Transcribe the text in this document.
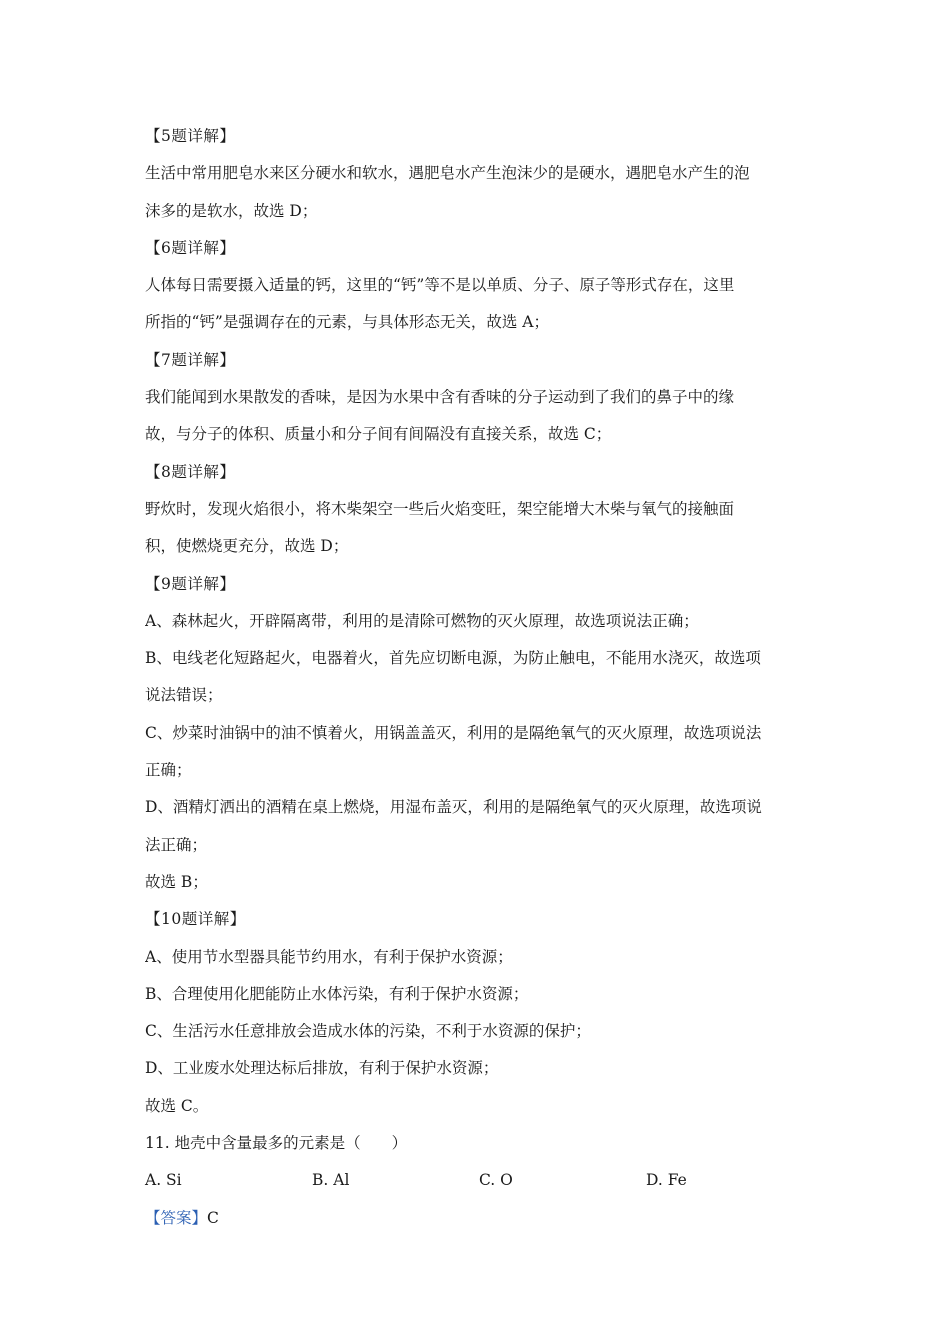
【5题详解】
生活中常用肥皂水来区分硬水和软水，遇肥皂水产生泡沫少的是硬水，遇肥皂水产生的泡
沫多的是软水，故选 D；
【6题详解】
人体每日需要摄入适量的钙，这里的“钙”等不是以单质、分子、原子等形式存在，这里
所指的“钙”是强调存在的元素，与具体形态无关，故选 A；
【7题详解】
我们能闻到水果散发的香味，是因为水果中含有香味的分子运动到了我们的鼻子中的缘
故，与分子的体积、质量小和分子间有间隔没有直接关系，故选 C；
【8题详解】
野炊时，发现火焰很小，将木柴架空一些后火焰变旺，架空能增大木柴与氧气的接触面
积，使燃烧更充分，故选 D；
【9题详解】
A、森林起火，开辟隔离带，利用的是清除可燃物的灭火原理，故选项说法正确；
B、电线老化短路起火，电器着火，首先应切断电源，为防止触电，不能用水浇灭，故选项
说法错误；
C、炒菜时油锅中的油不慎着火，用锅盖盖灭，利用的是隔绝氧气的灭火原理，故选项说法
正确；
D、酒精灯洒出的酒精在桌上燃烧，用湿布盖灭，利用的是隔绝氧气的灭火原理，故选项说
法正确；
故选 B；
【10题详解】
A、使用节水型器具能节约用水，有利于保护水资源；
B、合理使用化肥能防止水体污染，有利于保护水资源；
C、生活污水任意排放会造成水体的污染，不利于水资源的保护；
D、工业废水处理达标后排放，有利于保护水资源；
故选 C。
11. 地壳中含量最多的元素是（　　）
A. Si	B. Al	C. O	D. Fe
【答案】C
